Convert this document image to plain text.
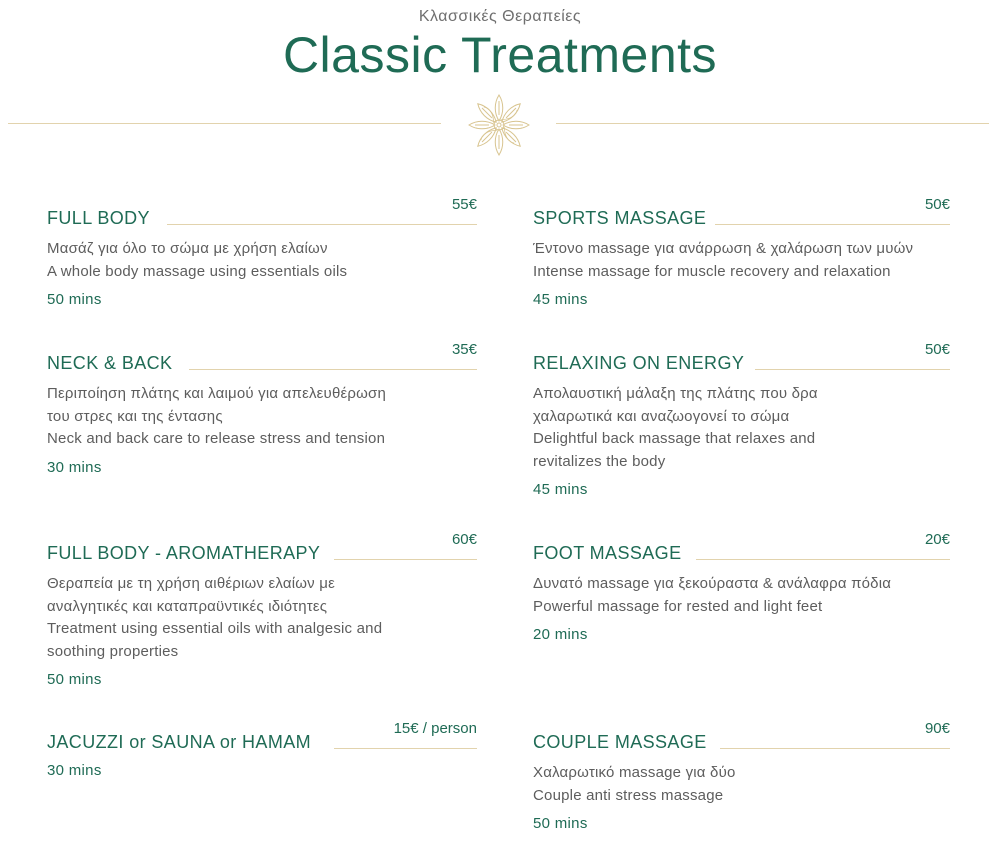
Κλασσικές Θεραπείες
Classic Treatments
FULL BODY
55€
Μασάζ για όλο το σώμα με χρήση ελαίων
A whole body massage using essentials oils
50 mins
NECK & BACK
35€
Περιποίηση πλάτης και λαιμού για απελευθέρωση
του στρες και της έντασης
Neck and back care to release stress and tension
30 mins
FULL BODY - AROMATHERAPY
60€
Θεραπεία με τη χρήση αιθέριων ελαίων με
αναλγητικές και καταπραϋντικές ιδιότητες
Treatment using essential oils with analgesic and
soothing properties
50 mins
JACUZZI or SAUNA or HAMAM
15€ / person
30 mins
SPORTS MASSAGE
50€
Έντονο massage για ανάρρωση & χαλάρωση των μυών
Intense massage for muscle recovery and relaxation
45 mins
RELAXING ON ENERGY
50€
Απολαυστική μάλαξη της πλάτης που δρα
χαλαρωτικά και αναζωογονεί το σώμα
Delightful back massage that relaxes and
revitalizes the body
45 mins
FOOT MASSAGE
20€
Δυνατό massage για ξεκούραστα & ανάλαφρα πόδια
Powerful massage for rested and light feet
20 mins
COUPLE MASSAGE
90€
Χαλαρωτικό massage για δύο
Couple anti stress massage
50 mins
